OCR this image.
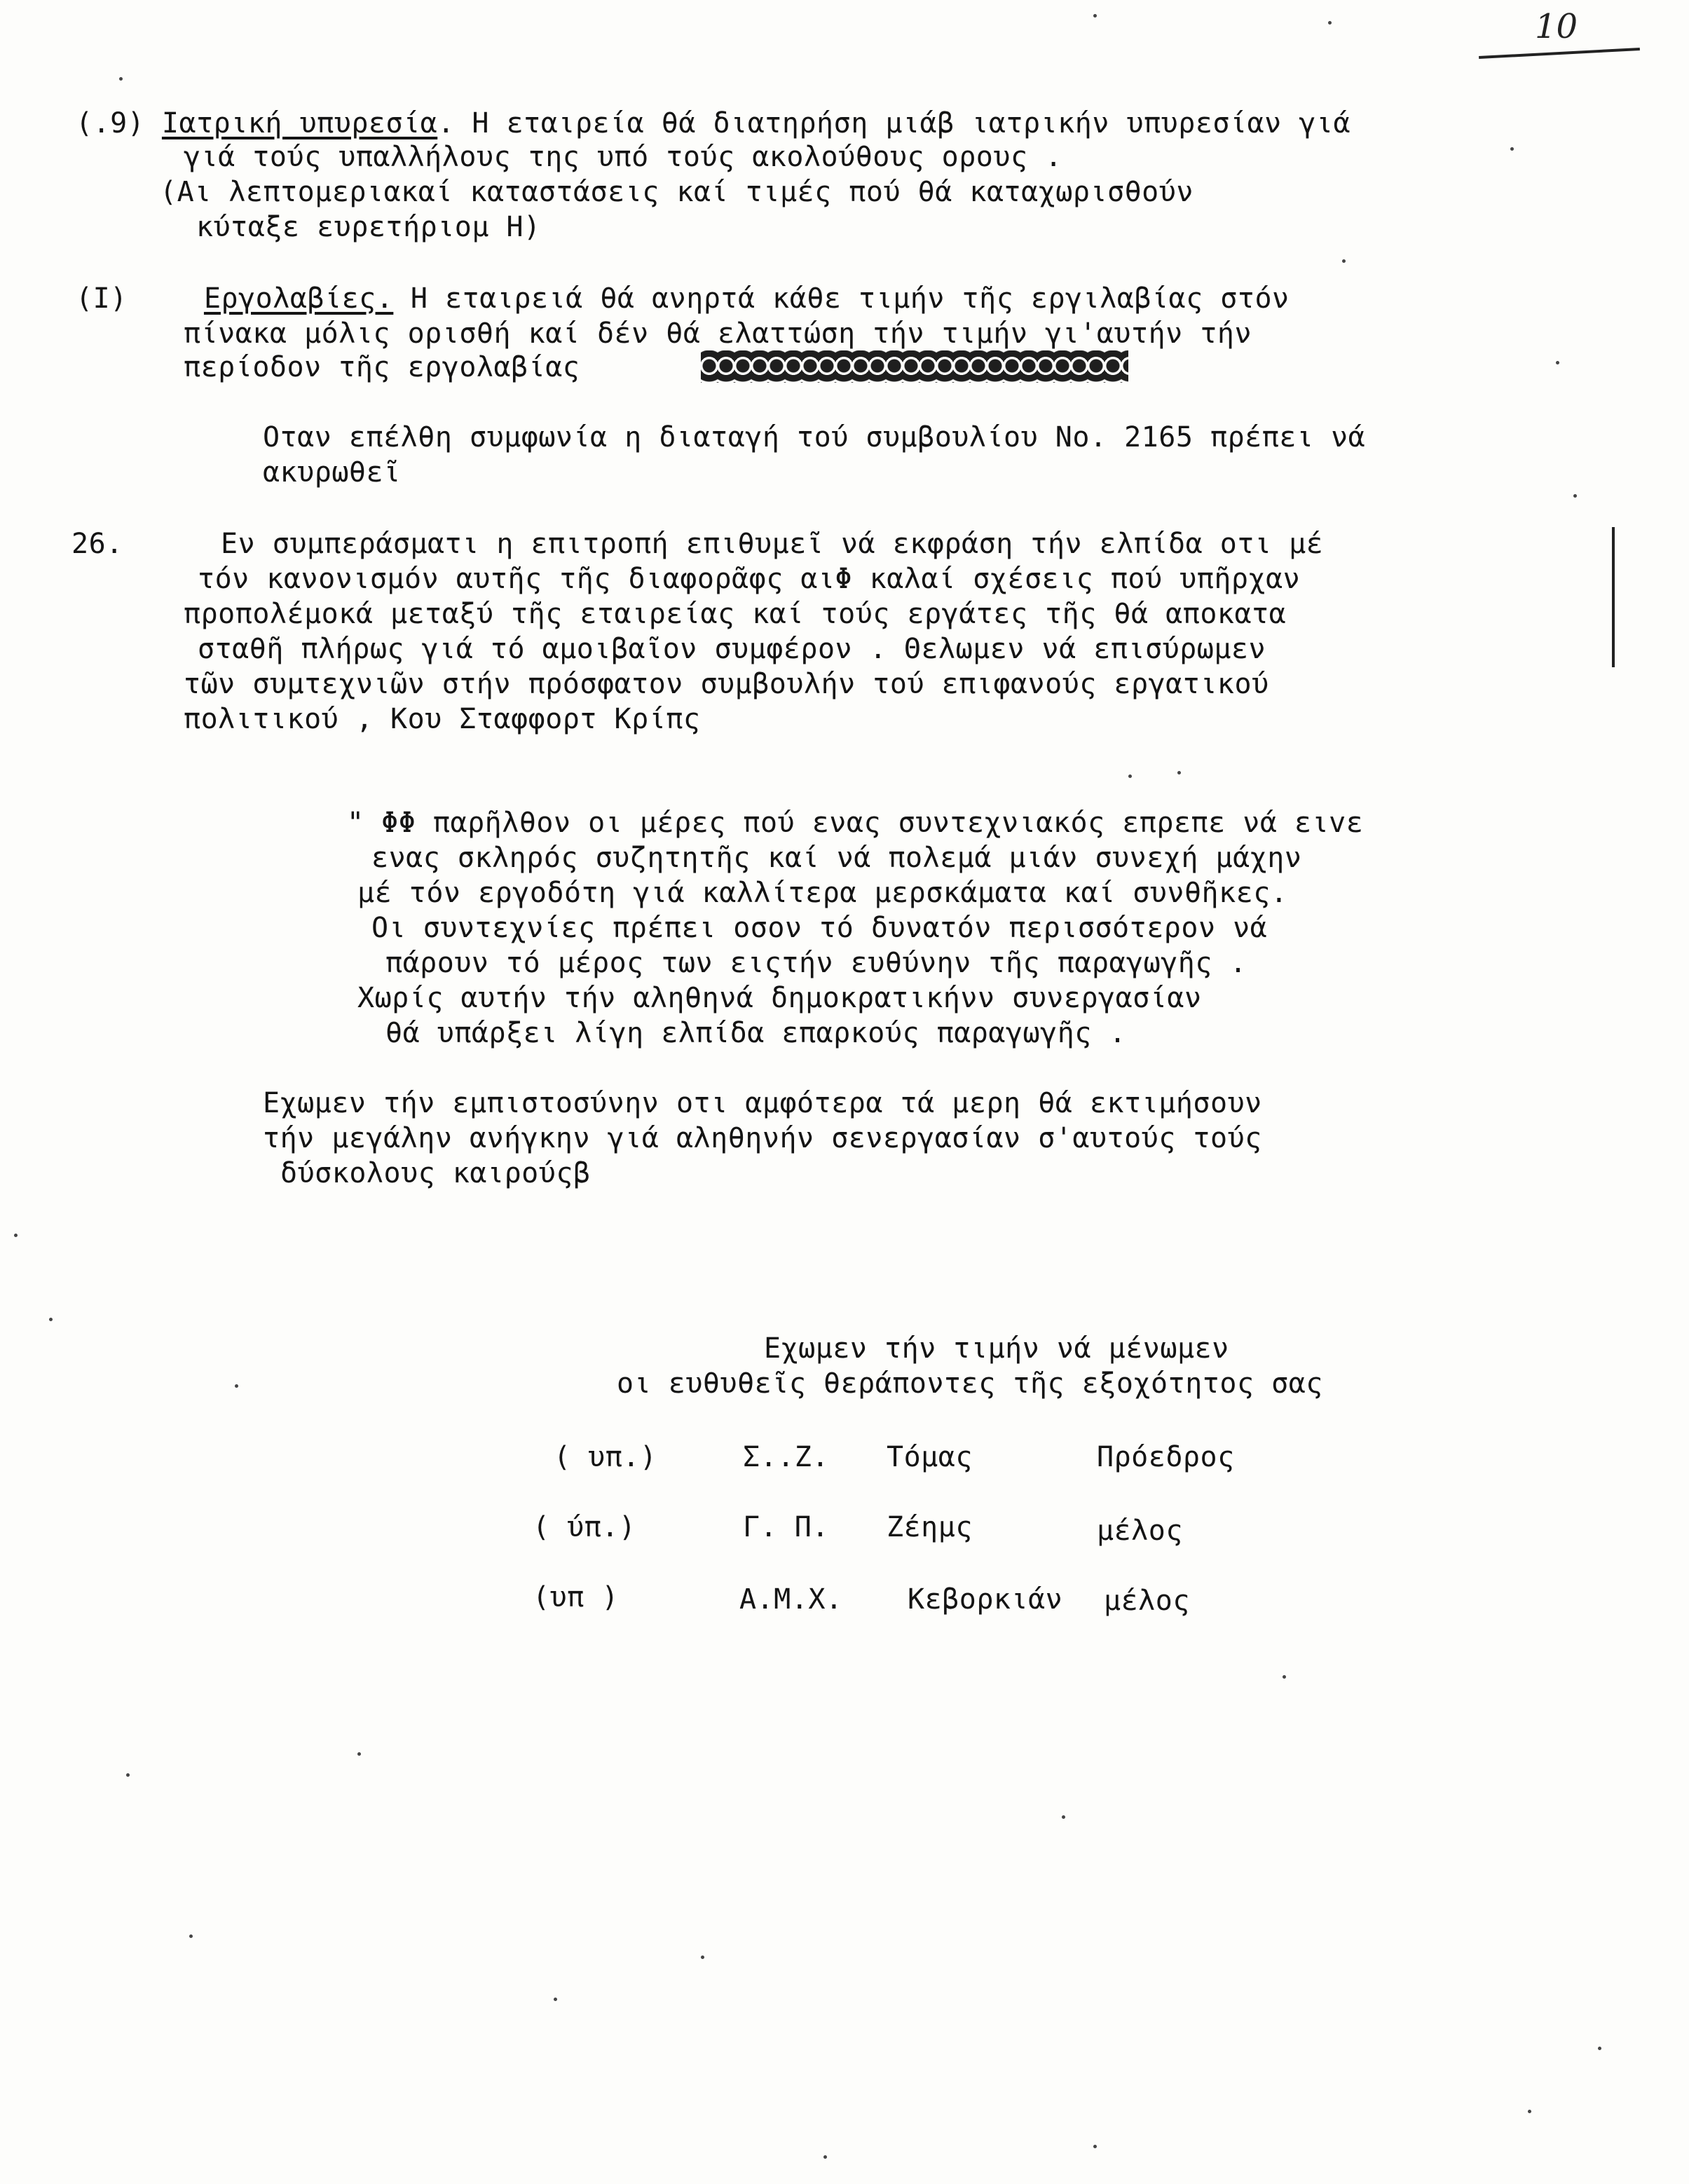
10
(.9) Ιατρική υπυρεσία. Η εταιρεία θά διατηρήση μιάβ ιατρικήν υπυρεσίαν γιά
γιά τούς υπαλλήλους της υπό τούς ακολούθους ορους .
(Αι λεπτομεριακαί καταστάσεις καί τιμές πού θά καταχωρισθούν
κύταξε ευρετήριομ Η)
(I)	Εργολαβίες. Η εταιρειά θά ανηρτά κάθε τιμήν τῆς εργιλαβίας στόν
πίνακα μόλις ορισθή καί δέν θά ελαττώση τήν τιμήν γι'αυτήν τήν
περίοδον τῆς εργολαβίας
Οταν επέλθη συμφωνία η διαταγή τού συμβουλίου Νο. 2165 πρέπει νά
ακυρωθεῖ
26.	Εν συμπεράσματι η επιτροπή επιθυμεῖ νά εκφράση τήν ελπίδα οτι μέ
τόν κανονισμόν αυτῆς τῆς διαφορᾶφς αιΦ καλαί σχέσεις πού υπῆρχαν
προπολέμοκά μεταξύ τῆς εταιρείας καί τούς εργάτες τῆς θά αποκατα
σταθῆ πλήρως γιά τό αμοιβαῖον συμφέρον . Θελωμεν νά επισύρωμεν
τῶν συμτεχνιῶν στήν πρόσφατον συμβουλήν τού επιφανούς εργατικού
πολιτικού , Κου Σταφφορτ Κρίπς
" ΦΦ παρῆλθον οι μέρες πού ενας συντεχνιακός επρεπε νά ειvε
ενας σκληρός συζητητῆς καί νά πολεμά μιάν συνεχή μάχην
μέ τόν εργοδότη γιά καλλίτερα μερσκάματα καί συνθῆκες.
Οι συντεχνίες πρέπει οσον τό δυνατόν περισσότερον νά
πάρουν τό μέρος των ειςτήν ευθύνην τῆς παραγωγῆς .
Χωρίς αυτήν τήν αληθηνά δημοκρατικήνν συνεργασίαν
θά υπάρξει λίγη ελπίδα επαρκούς παραγωγῆς .
Εχωμεν τήν εμπιστοσύνην οτι αμφότερα τά μερη θά εκτιμήσουν
τήν μεγάλην ανήγκην γιά αληθηνήν σενεργασίαν σ'αυτούς τούς
δύσκολους καιρούςβ
Εχωμεν τήν τιμήν νά μένωμεν
οι ευθυθεῖς θεράποντες τῆς εξοχότητος σας
( υπ.)	Σ..Ζ. Τόμας	Πρόεδρος
( ύπ.)	Γ. Π. Ζέημς	μέλος
(υπ )	Α.Μ.Χ. Κεβορκιάν μέλος
